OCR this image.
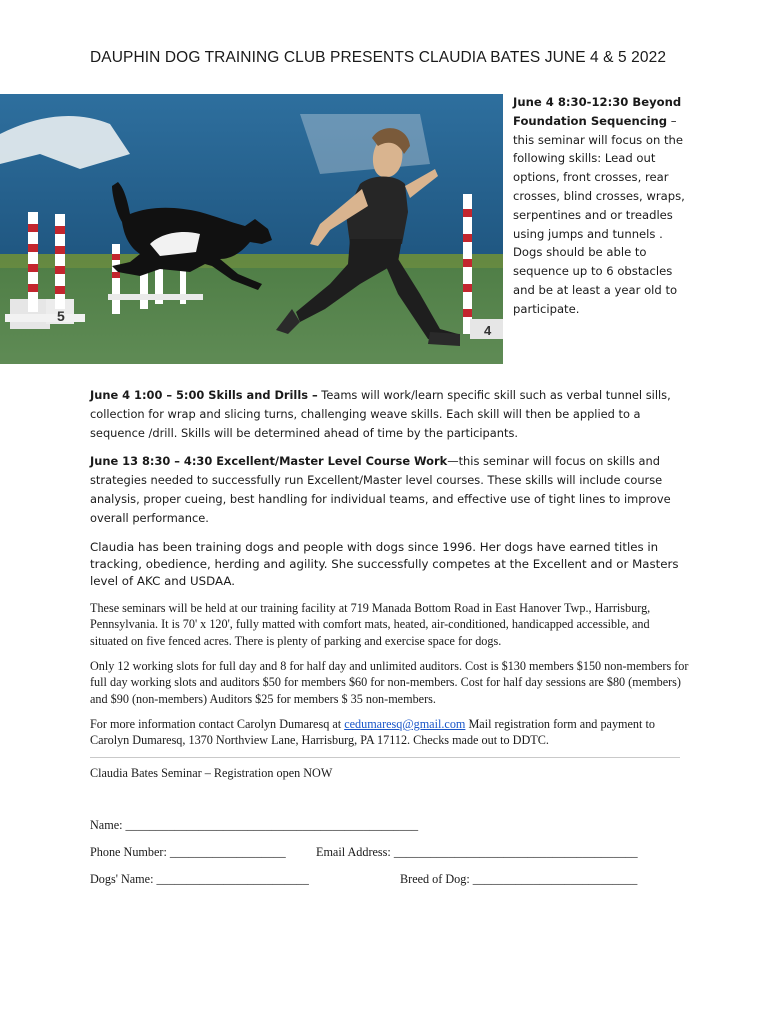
DAUPHIN DOG TRAINING CLUB PRESENTS CLAUDIA BATES JUNE 4 & 5 2022
5
4
June 4 8:30-12:30 Beyond Foundation Sequencing –this seminar will focus on the following skills: Lead out options, front crosses, rear crosses, blind crosses, wraps, serpentines and or treadles using jumps and tunnels . Dogs should be able to sequence up to 6 obstacles and be at least a year old to participate.
June 4 1:00 – 5:00 Skills and Drills – Teams will work/learn specific skill such as verbal tunnel sills, collection for wrap and slicing turns, challenging weave skills. Each skill will then be applied to a sequence /drill. Skills will be determined ahead of time by the participants.
June 13 8:30 – 4:30 Excellent/Master Level Course Work—this seminar will focus on skills and strategies needed to successfully run Excellent/Master level courses. These skills will include course analysis, proper cueing, best handling for individual teams, and effective use of tight lines to improve overall performance.
Claudia has been training dogs and people with dogs since 1996. Her dogs have earned titles in tracking, obedience, herding and agility. She successfully competes at the Excellent and or Masters level of AKC and USDAA.
These seminars will be held at our training facility at 719 Manada Bottom Road in East Hanover Twp., Harrisburg, Pennsylvania. It is 70' x 120', fully matted with comfort mats, heated, air-conditioned, handicapped accessible, and situated on five fenced acres. There is plenty of parking and exercise space for dogs.
Only 12 working slots for full day and 8 for half day and unlimited auditors. Cost is $130 members $150 non-members for full day working slots and auditors $50 for members $60 for non-members. Cost for half day sessions are $80 (members) and $90 (non-members) Auditors $25 for members $ 35 non-members.
For more information contact Carolyn Dumaresq at cedumaresq@gmail.com Mail registration form and payment to Carolyn Dumaresq, 1370 Northview Lane, Harrisburg, PA 17112. Checks made out to DDTC.
Claudia Bates Seminar – Registration open NOW
Name: ________________________________________________
Phone Number: ___________________ Email Address: ________________________________________
Dogs' Name: _________________________	Breed of Dog: ___________________________
